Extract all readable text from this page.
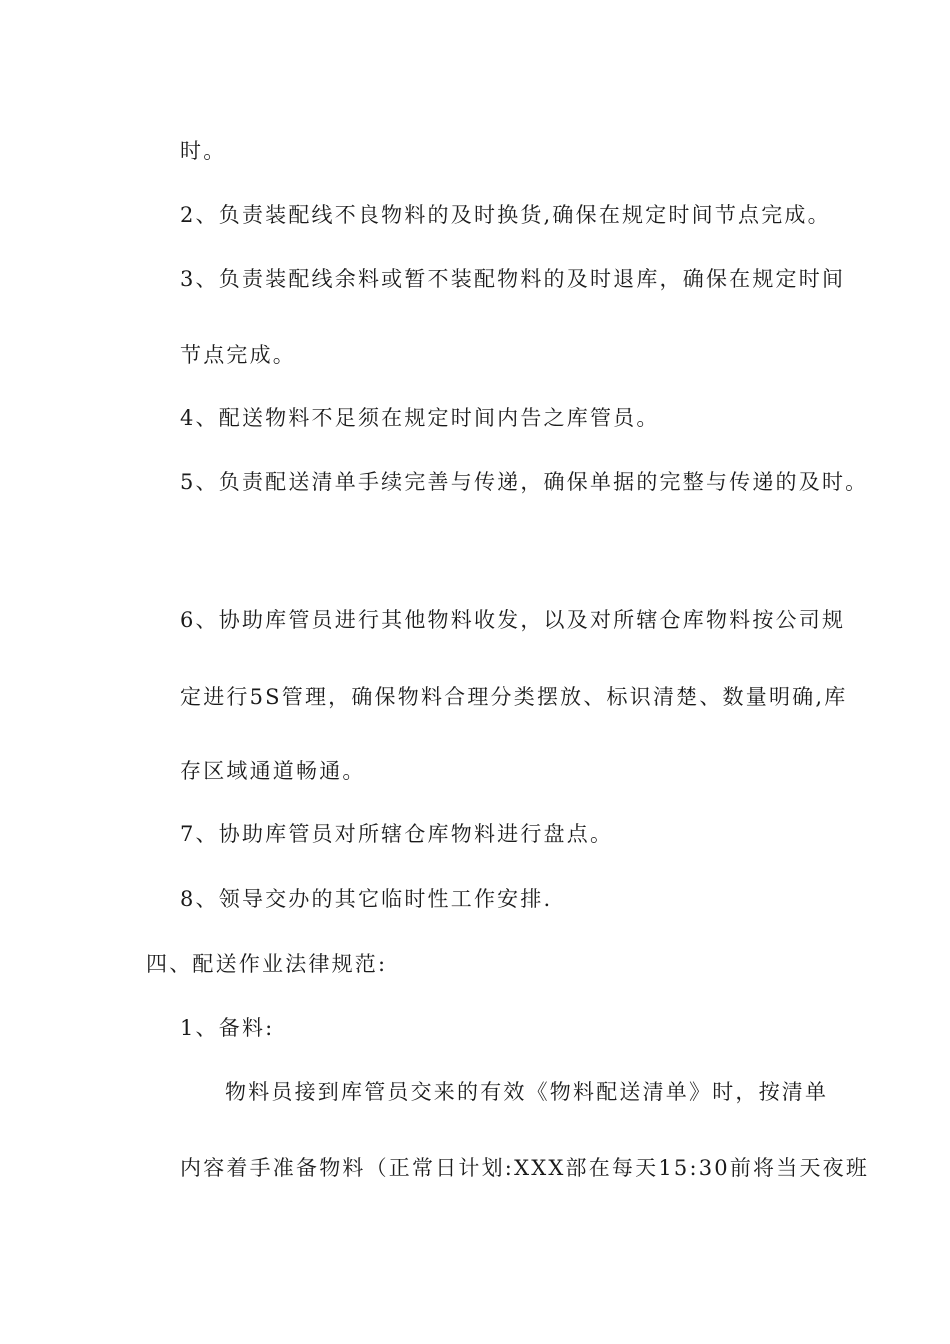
时。
2、负责装配线不良物料的及时换货,确保在规定时间节点完成。
3、负责装配线余料或暂不装配物料的及时退库，确保在规定时间
节点完成。
4、配送物料不足须在规定时间内告之库管员。
5、负责配送清单手续完善与传递，确保单据的完整与传递的及时。
6、协助库管员进行其他物料收发，以及对所辖仓库物料按公司规
定进行5S管理，确保物料合理分类摆放、标识清楚、数量明确,库
存区域通道畅通。
7、协助库管员对所辖仓库物料进行盘点。
8、领导交办的其它临时性工作安排.
四、配送作业法律规范:
1、备料:
物料员接到库管员交来的有效《物料配送清单》时，按清单
内容着手准备物料（正常日计划:XXX部在每天15:30前将当天夜班
